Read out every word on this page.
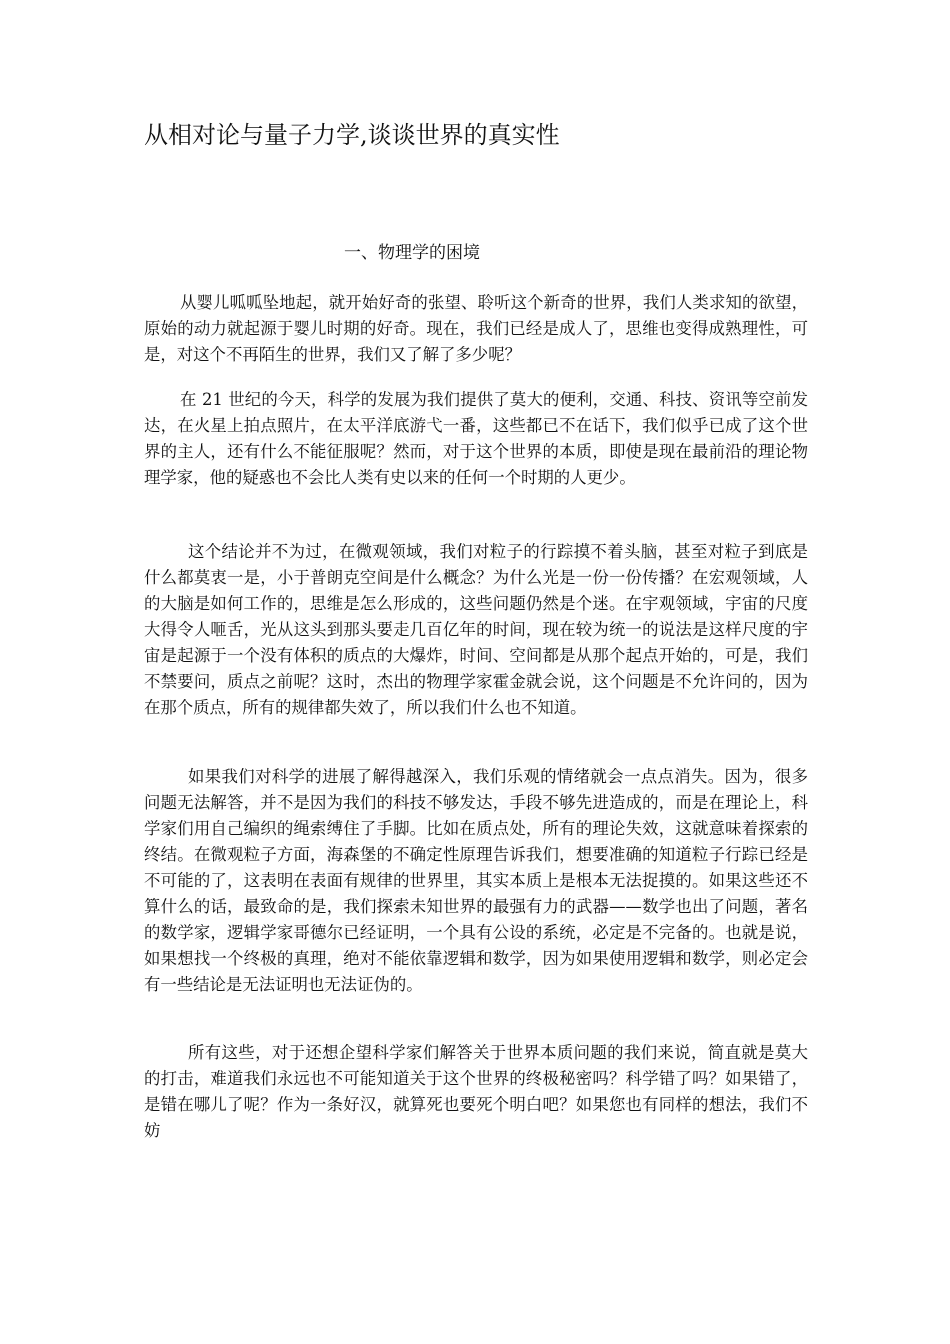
从相对论与量子力学,谈谈世界的真实性
一、物理学的困境

从婴儿呱呱坠地起，就开始好奇的张望、聆听这个新奇的世界，我们人类求知的欲望，原始的动力就起源于婴儿时期的好奇。现在，我们已经是成人了，思维也变得成熟理性，可是，对这个不再陌生的世界，我们又了解了多少呢？

在 21 世纪的今天，科学的发展为我们提供了莫大的便利，交通、科技、资讯等空前发达，在火星上拍点照片，在太平洋底游弋一番，这些都已不在话下，我们似乎已成了这个世界的主人，还有什么不能征服呢？然而，对于这个世界的本质，即使是现在最前沿的理论物理学家，他的疑惑也不会比人类有史以来的任何一个时期的人更少。

这个结论并不为过，在微观领域，我们对粒子的行踪摸不着头脑，甚至对粒子到底是什么都莫衷一是，小于普朗克空间是什么概念？为什么光是一份一份传播？在宏观领域，人的大脑是如何工作的，思维是怎么形成的，这些问题仍然是个迷。在宇观领域，宇宙的尺度大得令人咂舌，光从这头到那头要走几百亿年的时间，现在较为统一的说法是这样尺度的宇宙是起源于一个没有体积的质点的大爆炸，时间、空间都是从那个起点开始的，可是，我们不禁要问，质点之前呢？这时，杰出的物理学家霍金就会说，这个问题是不允许问的，因为在那个质点，所有的规律都失效了，所以我们什么也不知道。

如果我们对科学的进展了解得越深入，我们乐观的情绪就会一点点消失。因为，很多问题无法解答，并不是因为我们的科技不够发达，手段不够先进造成的，而是在理论上，科学家们用自己编织的绳索缚住了手脚。比如在质点处，所有的理论失效，这就意味着探索的终结。在微观粒子方面，海森堡的不确定性原理告诉我们，想要准确的知道粒子行踪已经是不可能的了，这表明在表面有规律的世界里，其实本质上是根本无法捉摸的。如果这些还不算什么的话，最致命的是，我们探索未知世界的最强有力的武器——数学也出了问题，著名的数学家，逻辑学家哥德尔已经证明，一个具有公设的系统，必定是不完备的。也就是说，如果想找一个终极的真理，绝对不能依靠逻辑和数学，因为如果使用逻辑和数学，则必定会有一些结论是无法证明也无法证伪的。

所有这些，对于还想企望科学家们解答关于世界本质问题的我们来说，简直就是莫大的打击，难道我们永远也不可能知道关于这个世界的终极秘密吗？科学错了吗？如果错了，是错在哪儿了呢？作为一条好汉，就算死也要死个明白吧？如果您也有同样的想法，我们不妨
